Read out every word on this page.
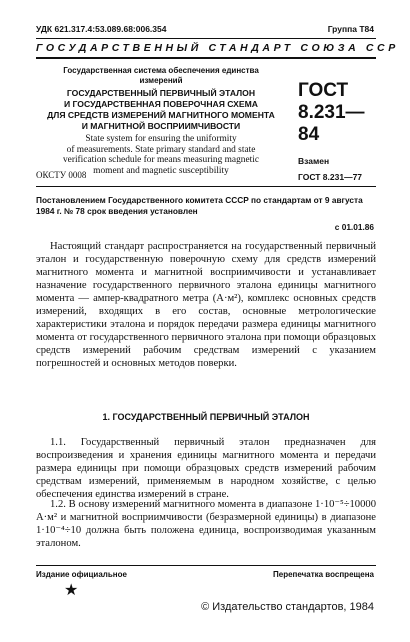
УДК 621.317.4:53.089.68:006.354	Группа Т84
ГОСУДАРСТВЕННЫЙ СТАНДАРТ СОЮЗА ССР
Государственная система обеспечения единства
измерений
ГОСУДАРСТВЕННЫЙ ПЕРВИЧНЫЙ ЭТАЛОН
И ГОСУДАРСТВЕННАЯ ПОВЕРОЧНАЯ СХЕМА
ДЛЯ СРЕДСТВ ИЗМЕРЕНИЙ МАГНИТНОГО МОМЕНТА
И МАГНИТНОЙ ВОСПРИИМЧИВОСТИ
State system for ensuring the uniformity
of measurements. State primary standard and state
verification schedule for means measuring magnetic
moment and magnetic susceptibility
ГОСТ
8.231—84
Взамен
ГОСТ 8.231—77
ОКСТУ 0008
Постановлением Государственного комитета СССР по стандартам от 9 августа
1984 г. № 78 срок введения установлен
с 01.01.86
Настоящий стандарт распространяется на государственный первичный эталон и государственную поверочную схему для средств измерений магнитного момента и магнитной восприимчивости и устанавливает назначение государственного первичного эталона единицы магнитного момента — ампер-квадратного метра (А·м²), комплекс основных средств измерений, входящих в его состав, основные метрологические характеристики эталона и порядок передачи размера единицы магнитного момента от государственного первичного эталона при помощи образцовых средств измерений рабочим средствам измерений с указанием погрешностей и основных методов поверки.
1. ГОСУДАРСТВЕННЫЙ ПЕРВИЧНЫЙ ЭТАЛОН
1.1. Государственный первичный эталон предназначен для воспроизведения и хранения единицы магнитного момента и передачи размера единицы при помощи образцовых средств измерений рабочим средствам измерений, применяемым в народном хозяйстве, с целью обеспечения единства измерений в стране.
1.2. В основу измерений магнитного момента в диапазоне 1·10⁻⁵÷10000 А·м² и магнитной восприимчивости (безразмерной единицы) в диапазоне 1·10⁻⁴÷10 должна быть положена единица, воспроизводимая указанным эталоном.
Издание официальное	Перепечатка воспрещена
★
© Издательство стандартов, 1984
